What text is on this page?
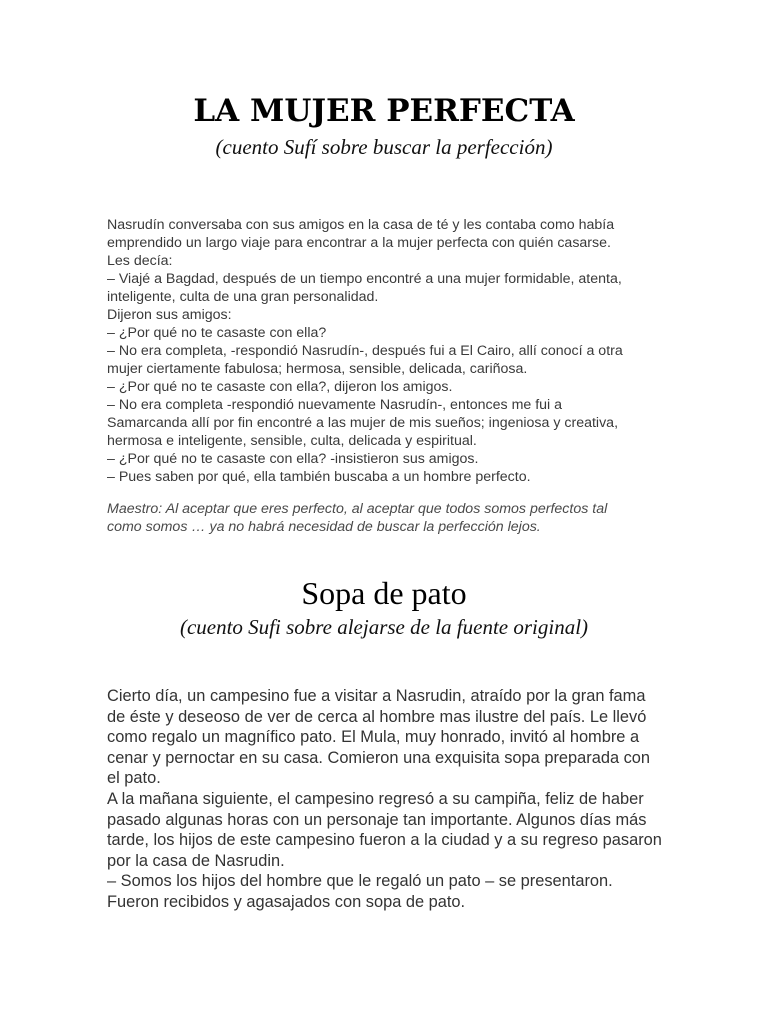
LA MUJER PERFECTA

(cuento Sufí sobre buscar la perfección)

Nasrudín conversaba con sus amigos en la casa de té y les contaba como había
emprendido un largo viaje para encontrar a la mujer perfecta con quién casarse.
Les decía:
– Viajé a Bagdad, después de un tiempo encontré a una mujer formidable, atenta,
inteligente, culta de una gran personalidad.
Dijeron sus amigos:
– ¿Por qué no te casaste con ella?
– No era completa, -respondió Nasrudín-, después fui a El Cairo, allí conocí a otra
mujer ciertamente fabulosa; hermosa, sensible, delicada, cariñosa.
– ¿Por qué no te casaste con ella?, dijeron los amigos.
– No era completa -respondió nuevamente Nasrudín-, entonces me fui a
Samarcanda allí por fin encontré a las mujer de mis sueños; ingeniosa y creativa,
hermosa e inteligente, sensible, culta, delicada y espiritual.
– ¿Por qué no te casaste con ella? -insistieron sus amigos.
– Pues saben por qué, ella también buscaba a un hombre perfecto.
Maestro: Al aceptar que eres perfecto, al aceptar que todos somos perfectos tal
como somos … ya no habrá necesidad de buscar la perfección lejos.
Sopa de pato

(cuento Sufi sobre alejarse de la fuente original)

Cierto día, un campesino fue a visitar a Nasrudin, atraído por la gran fama
de éste y deseoso de ver de cerca al hombre mas ilustre del país. Le llevó
como regalo un magnífico pato. El Mula, muy honrado, invitó al hombre a
cenar y pernoctar en su casa. Comieron una exquisita sopa preparada con
el pato.
A la mañana siguiente, el campesino regresó a su campiña, feliz de haber
pasado algunas horas con un personaje tan importante. Algunos días más
tarde, los hijos de este campesino fueron a la ciudad y a su regreso pasaron
por la casa de Nasrudin.
– Somos los hijos del hombre que le regaló un pato – se presentaron.
Fueron recibidos y agasajados con sopa de pato.
